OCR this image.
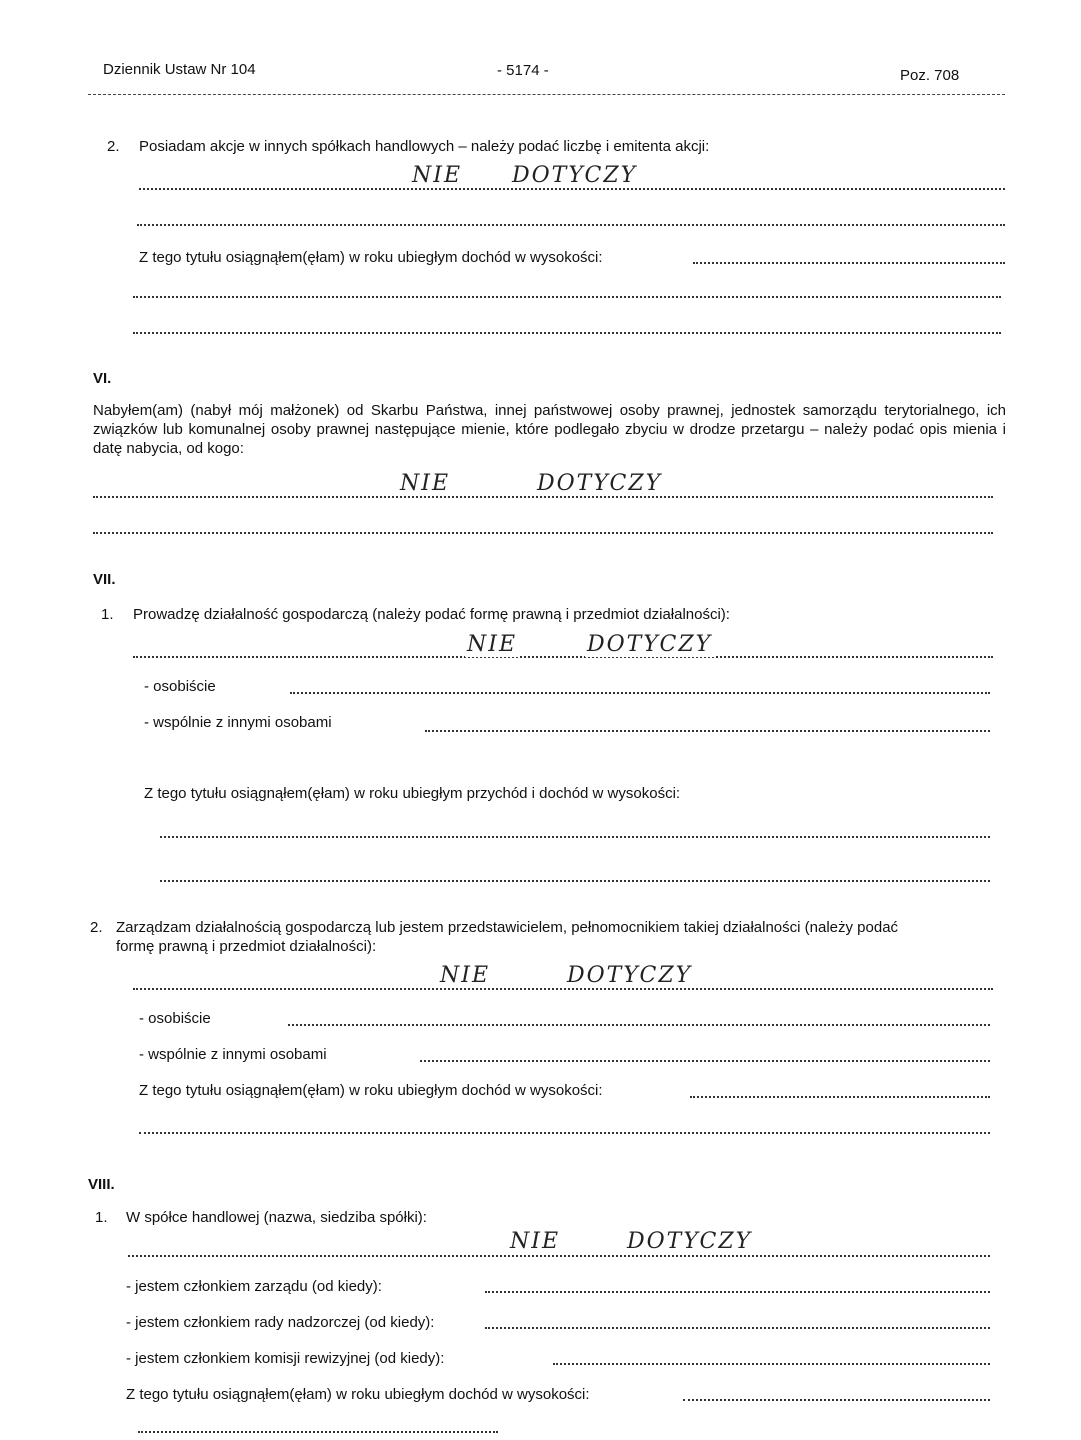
Dziennik Ustaw Nr 104	- 5174 -	Poz. 708
2. Posiadam akcje w innych spółkach handlowych – należy podać liczbę i emitenta akcji:
NIE DOTYCZY
Z tego tytułu osiągnąłem(ęłam) w roku ubiegłym dochód w wysokości:
VI.
Nabyłem(am) (nabył mój małżonek) od Skarbu Państwa, innej państwowej osoby prawnej, jednostek samorządu terytorialnego, ich związków lub komunalnej osoby prawnej następujące mienie, które podlegało zbyciu w drodze przetargu – należy podać opis mienia i datę nabycia, od kogo:
NIE	DOTYCZY
VII.
1. Prowadzę działalność gospodarczą (należy podać formę prawną i przedmiot działalności):
NIE	DOTYCZY
- osobiście
- wspólnie z innymi osobami
Z tego tytułu osiągnąłem(ęłam) w roku ubiegłym przychód i dochód w wysokości:
2. Zarządzam działalnością gospodarczą lub jestem przedstawicielem, pełnomocnikiem takiej działalności (należy podać
formę prawną i przedmiot działalności):
NIE	DOTYCZY
- osobiście
- wspólnie z innymi osobami
Z tego tytułu osiągnąłem(ęłam) w roku ubiegłym dochód w wysokości:
VIII.
1. W spółce handlowej (nazwa, siedziba spółki):
NIE	DOTYCZY
- jestem członkiem zarządu (od kiedy):
- jestem członkiem rady nadzorczej (od kiedy):
- jestem członkiem komisji rewizyjnej (od kiedy):
Z tego tytułu osiągnąłem(ęłam) w roku ubiegłym dochód w wysokości:
